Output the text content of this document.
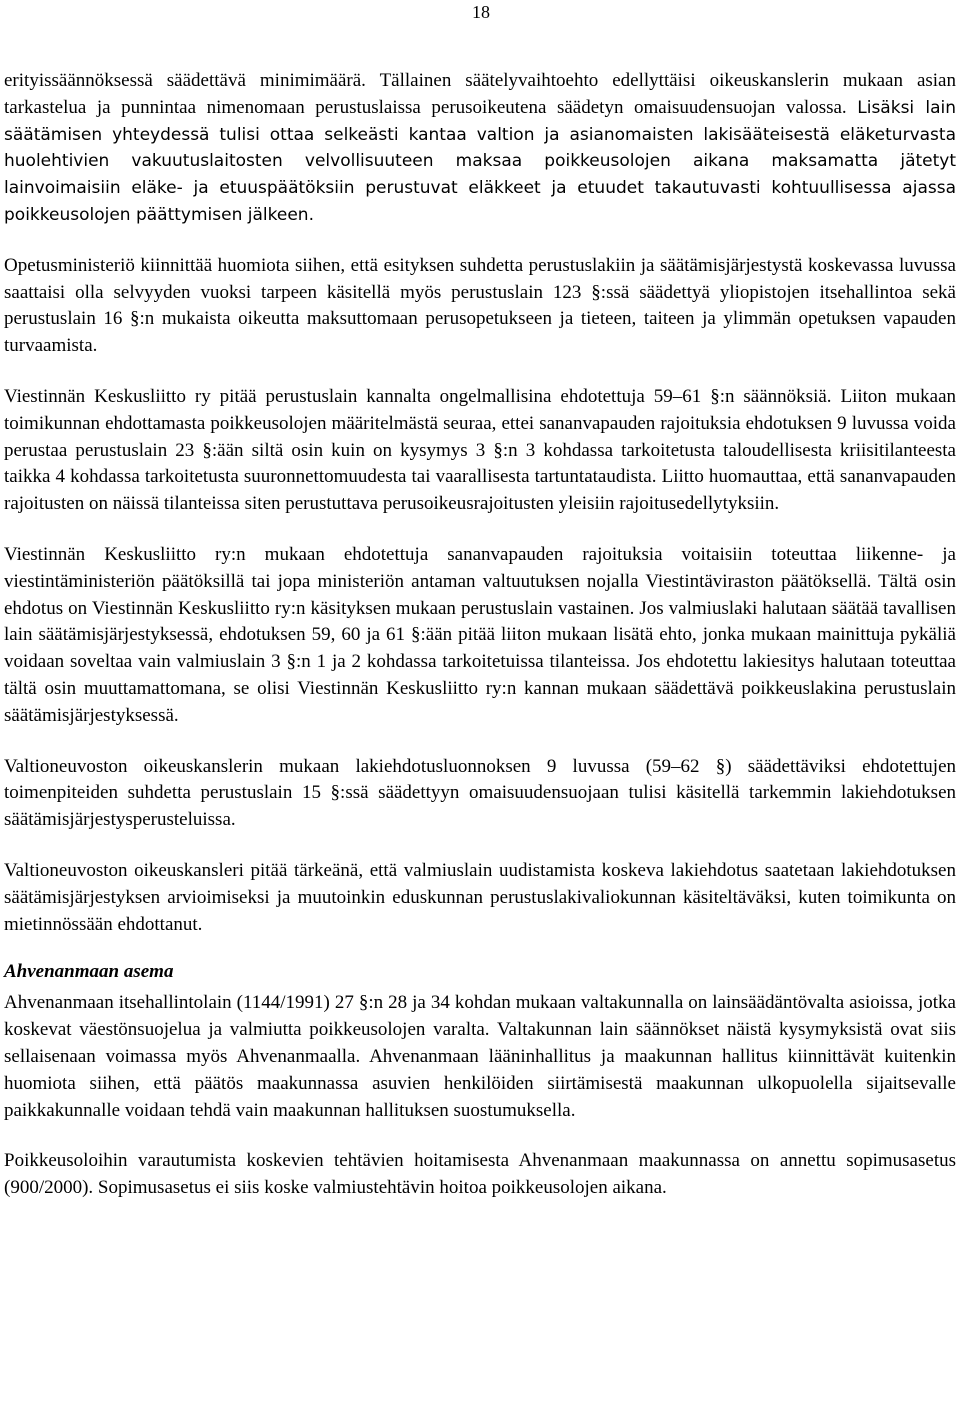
18

erityissäännöksessä säädettävä minimimäärä. Tällainen säätelyvaihtoehto edellyttäisi oikeuskanslerin mukaan asian tarkastelua ja punnintaa nimenomaan perustuslaissa perusoikeutena säädetyn omaisuudensuojan valossa. Lisäksi lain säätämisen yhteydessä tulisi ottaa selkeästi kantaa valtion ja asianomaisten lakisääteisestä eläketurvasta huolehtivien vakuutuslaitosten velvollisuuteen maksaa poikkeusolojen aikana maksamatta jätetyt lainvoimaisiin eläke- ja etuuspäätöksiin perustuvat eläkkeet ja etuudet takautuvasti kohtuullisessa ajassa poikkeusolojen päättymisen jälkeen.

Opetusministeriö kiinnittää huomiota siihen, että esityksen suhdetta perustuslakiin ja säätämisjärjestystä koskevassa luvussa saattaisi olla selvyyden vuoksi tarpeen käsitellä myös perustuslain 123 §:ssä säädettyä yliopistojen itsehallintoa sekä perustuslain 16 §:n mukaista oikeutta maksuttomaan perusopetukseen ja tieteen, taiteen ja ylimmän opetuksen vapauden turvaamista.

Viestinnän Keskusliitto ry pitää perustuslain kannalta ongelmallisina ehdotettuja 59–61 §:n säännöksiä. Liiton mukaan toimikunnan ehdottamasta poikkeusolojen määritelmästä seuraa, ettei sananvapauden rajoituksia ehdotuksen 9 luvussa voida perustaa perustuslain 23 §:ään siltä osin kuin on kysymys 3 §:n 3 kohdassa tarkoitetusta taloudellisesta kriisitilanteesta taikka 4 kohdassa tarkoitetusta suuronnettomuudesta tai vaarallisesta tartuntataudista. Liitto huomauttaa, että sananvapauden rajoitusten on näissä tilanteissa siten perustuttava perusoikeusrajoitusten yleisiin rajoitusedellytyksiin.

Viestinnän Keskusliitto ry:n mukaan ehdotettuja sananvapauden rajoituksia voitaisiin toteuttaa liikenne- ja viestintäministeriön päätöksillä tai jopa ministeriön antaman valtuutuksen nojalla Viestintäviraston päätöksellä. Tältä osin ehdotus on Viestinnän Keskusliitto ry:n käsityksen mukaan perustuslain vastainen. Jos valmiuslaki halutaan säätää tavallisen lain säätämisjärjestyksessä, ehdotuksen 59, 60 ja 61 §:ään pitää liiton mukaan lisätä ehto, jonka mukaan mainittuja pykäliä voidaan soveltaa vain valmiuslain 3 §:n 1 ja 2 kohdassa tarkoitetuissa tilanteissa. Jos ehdotettu lakiesitys halutaan toteuttaa tältä osin muuttamattomana, se olisi Viestinnän Keskusliitto ry:n kannan mukaan säädettävä poikkeuslakina perustuslain säätämisjärjestyksessä.

Valtioneuvoston oikeuskanslerin mukaan lakiehdotusluonnoksen 9 luvussa (59–62 §) säädettäviksi ehdotettujen toimenpiteiden suhdetta perustuslain 15 §:ssä säädettyyn omaisuudensuojaan tulisi käsitellä tarkemmin lakiehdotuksen säätämisjärjestysperusteluissa.

Valtioneuvoston oikeuskansleri pitää tärkeänä, että valmiuslain uudistamista koskeva lakiehdotus saatetaan lakiehdotuksen säätämisjärjestyksen arvioimiseksi ja muutoinkin eduskunnan perustuslakivaliokunnan käsiteltäväksi, kuten toimikunta on mietinnössään ehdottanut.

Ahvenanmaan asema

Ahvenanmaan itsehallintolain (1144/1991) 27 §:n 28 ja 34 kohdan mukaan valtakunnalla on lainsäädäntövalta asioissa, jotka koskevat väestönsuojelua ja valmiutta poikkeusolojen varalta. Valtakunnan lain säännökset näistä kysymyksistä ovat siis sellaisenaan voimassa myös Ahvenanmaalla. Ahvenanmaan lääninhallitus ja maakunnan hallitus kiinnittävät kuitenkin huomiota siihen, että päätös maakunnassa asuvien henkilöiden siirtämisestä maakunnan ulkopuolella sijaitsevalle paikkakunnalle voidaan tehdä vain maakunnan hallituksen suostumuksella.

Poikkeusoloihin varautumista koskevien tehtävien hoitamisesta Ahvenanmaan maakunnassa on annettu sopimusasetus (900/2000). Sopimusasetus ei siis koske valmiustehtävin hoitoa poikkeusolojen aikana.
